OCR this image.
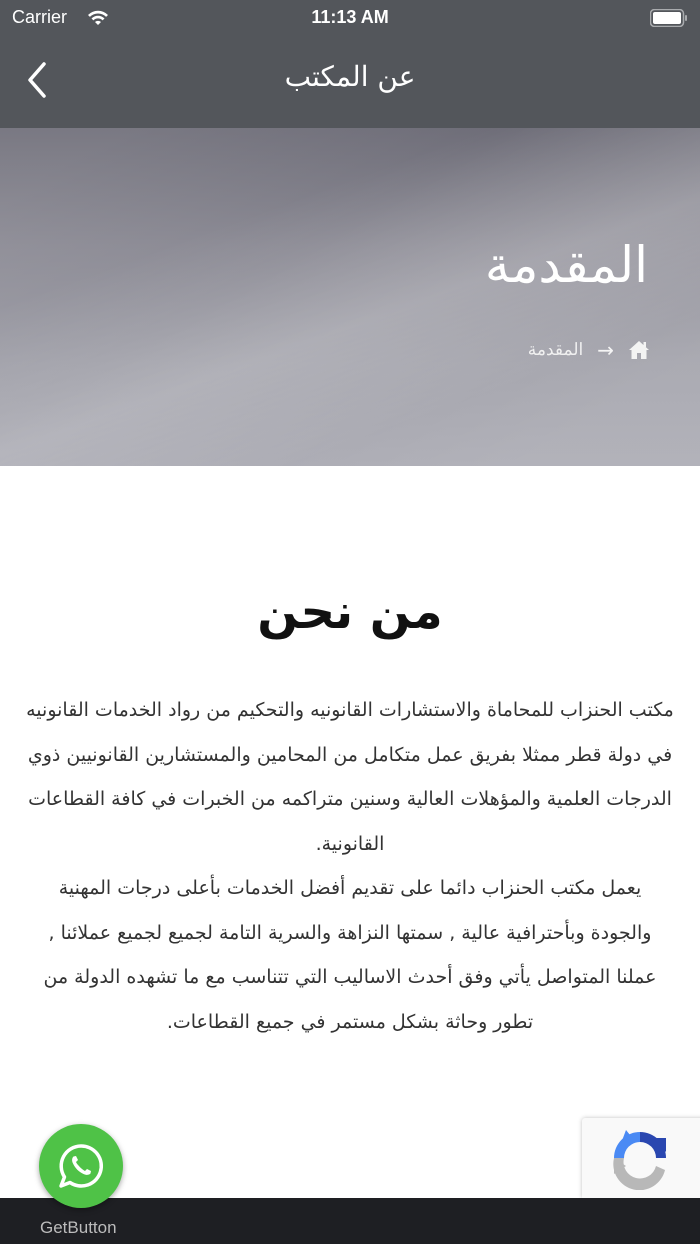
Carrier	11:13 AM
عن المكتب
المقدمة
→
المقدمة
من نحن

مكتب الحنزاب للمحاماة والاستشارات القانونيه والتحكيم من رواد الخدمات القانونيه في دولة قطر ممثلا بفريق عمل متكامل من المحامين والمستشارين القانونيين ذوي الدرجات العلمية والمؤهلات العالية وسنين متراكمه من الخبرات في كافة القطاعات القانونية.

يعمل مكتب الحنزاب دائما على تقديم أفضل الخدمات بأعلى درجات المهنية والجودة وبأحترافية عالية , سمتها النزاهة والسرية التامة لجميع لجميع عملائنا , عملنا المتواصل يأتي وفق أحدث الاساليب التي تتناسب مع ما تشهده الدولة من تطور وحاثة بشكل مستمر في جميع القطاعات.

GetButton
